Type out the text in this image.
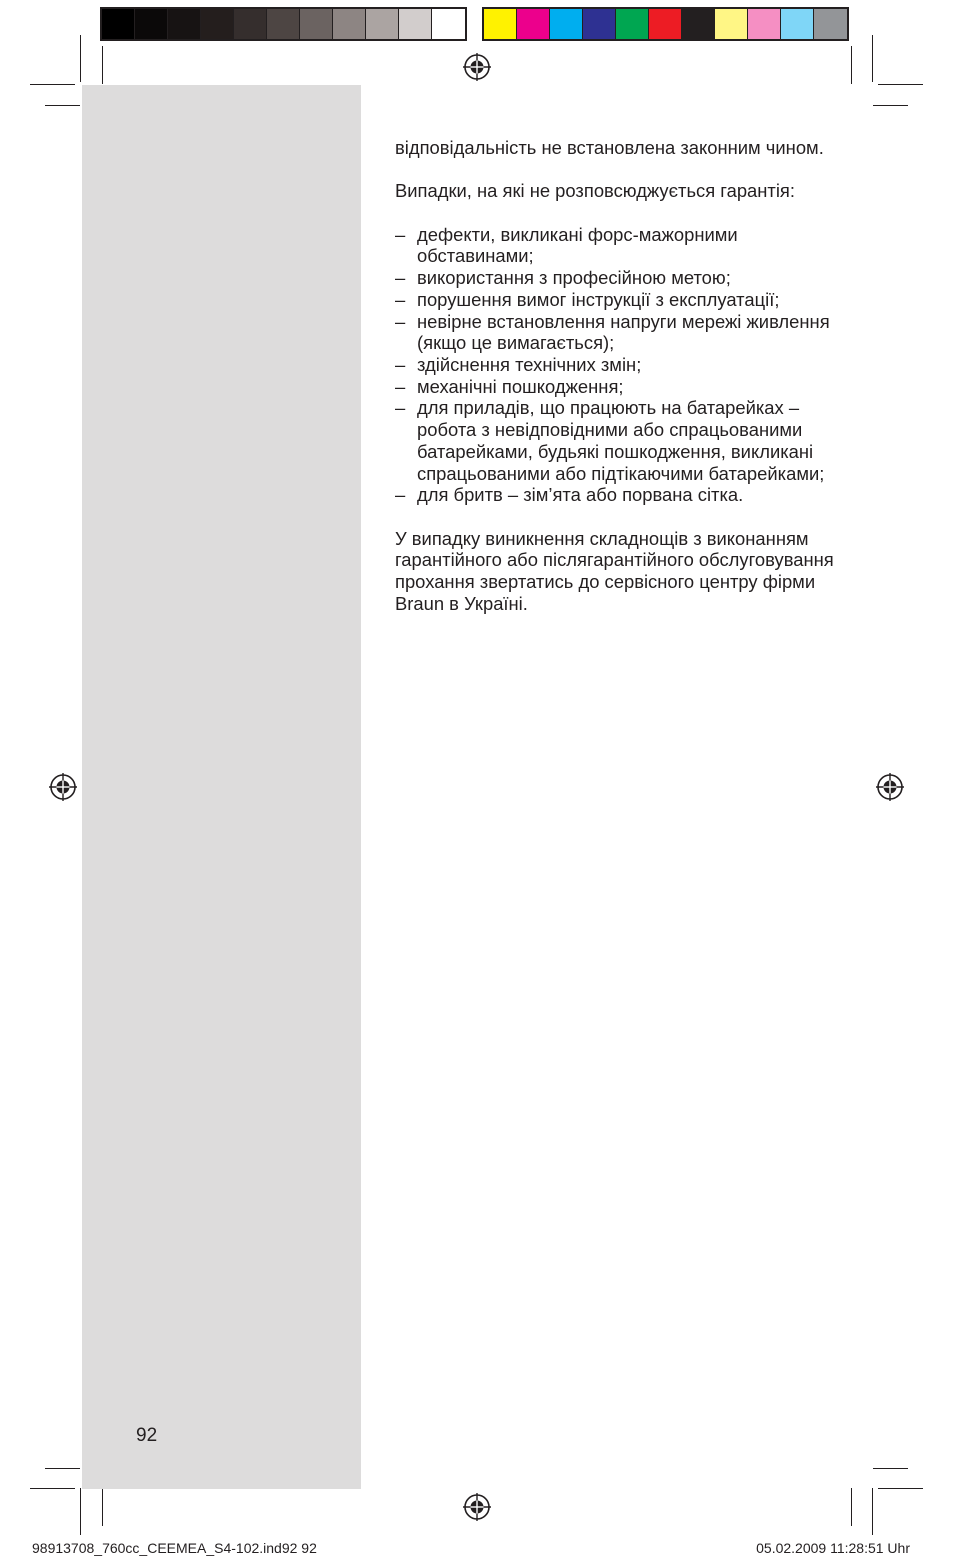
92

відповідальність не встановлена законним чином.

Випадки, на які не розповсюджується гарантія:

– дефекти, викликані форс-мажорними обставинами;
– використання з професійною метою;
– порушення вимог інструкції з експлуатації;
– невірне встановлення напруги мережі живлення (якщо це вимагається);
– здійснення технічних змін;
– механічні пошкодження;
– для приладів, що працюють на батарейках – робота з невідповідними або спрацьованими батарейками, будьякі пошкодження, викликані спрацьованими або підтікаючими батарейками;
– для бритв – зім’ята або порвана сітка.

У випадку виникнення складнощів з виконанням гарантійного або післягарантійного обслуговування прохання звертатись до сервісного центру фірми Braun в Україні.

98913708_760cc_CEEMEA_S4-102.ind92 92	05.02.2009 11:28:51 Uhr
